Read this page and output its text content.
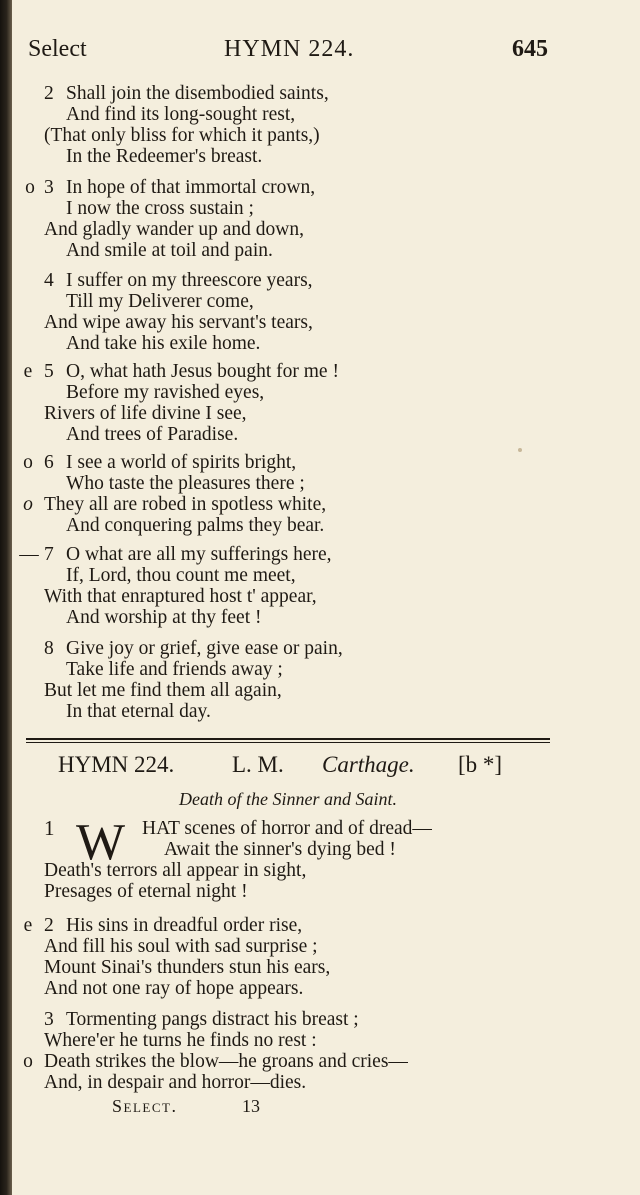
Select	HYMN 224.	645
2 Shall join the disembodied saints,
And find its long-sought rest,
(That only bliss for which it pants,)
In the Redeemer's breast.
o 3 In hope of that immortal crown,
I now the cross sustain ;
And gladly wander up and down,
And smile at toil and pain.
4 I suffer on my threescore years,
Till my Deliverer come,
And wipe away his servant's tears,
And take his exile home.
e 5 O, what hath Jesus bought for me !
Before my ravished eyes,
Rivers of life divine I see,
And trees of Paradise.
o 6 I see a world of spirits bright,
Who taste the pleasures there ;
o They all are robed in spotless white,
And conquering palms they bear.
— 7 O what are all my sufferings here,
If, Lord, thou count me meet,
With that enraptured host t' appear,
And worship at thy feet !
8 Give joy or grief, give ease or pain,
Take life and friends away ;
But let me find them all again,
In that eternal day.
HYMN 224.	L. M. Carthage. [b *]
Death of the Sinner and Saint.
1	HAT scenes of horror and of dread—
Await the sinner's dying bed !
Death's terrors all appear in sight,
Presages of eternal night !
e 2 His sins in dreadful order rise,
And fill his soul with sad surprise ;
Mount Sinai's thunders stun his ears,
And not one ray of hope appears.
3 Tormenting pangs distract his breast ;
Where'er he turns he finds no rest :
o Death strikes the blow—he groans and cries—
And, in despair and horror—dies.
W
Select.	13
